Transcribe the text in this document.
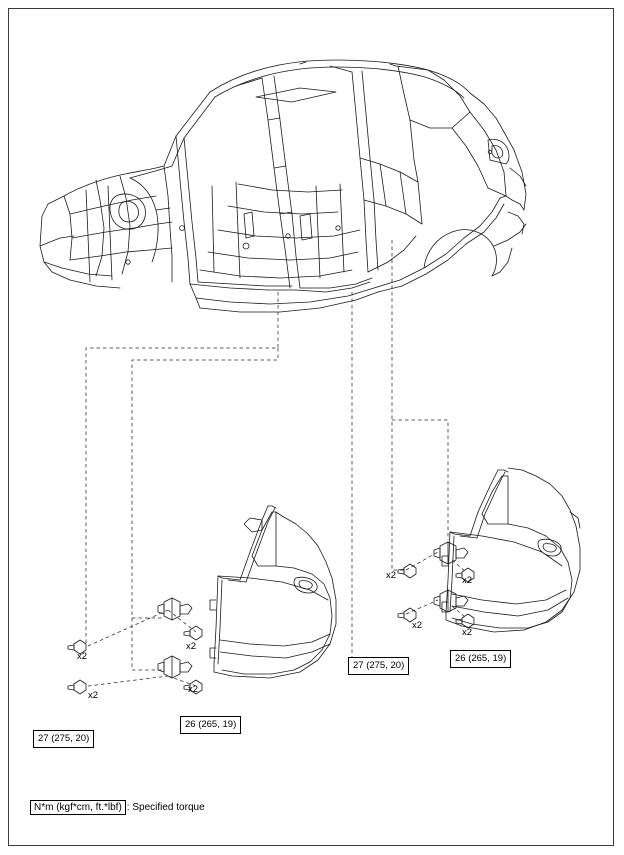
27 (275, 20)
26 (265, 19)
27 (275, 20)
26 (265, 19)
x2
x2
x2
x2
x2
x2
x2
x2
N*m (kgf*cm, ft.*lbf) : Specified torque
